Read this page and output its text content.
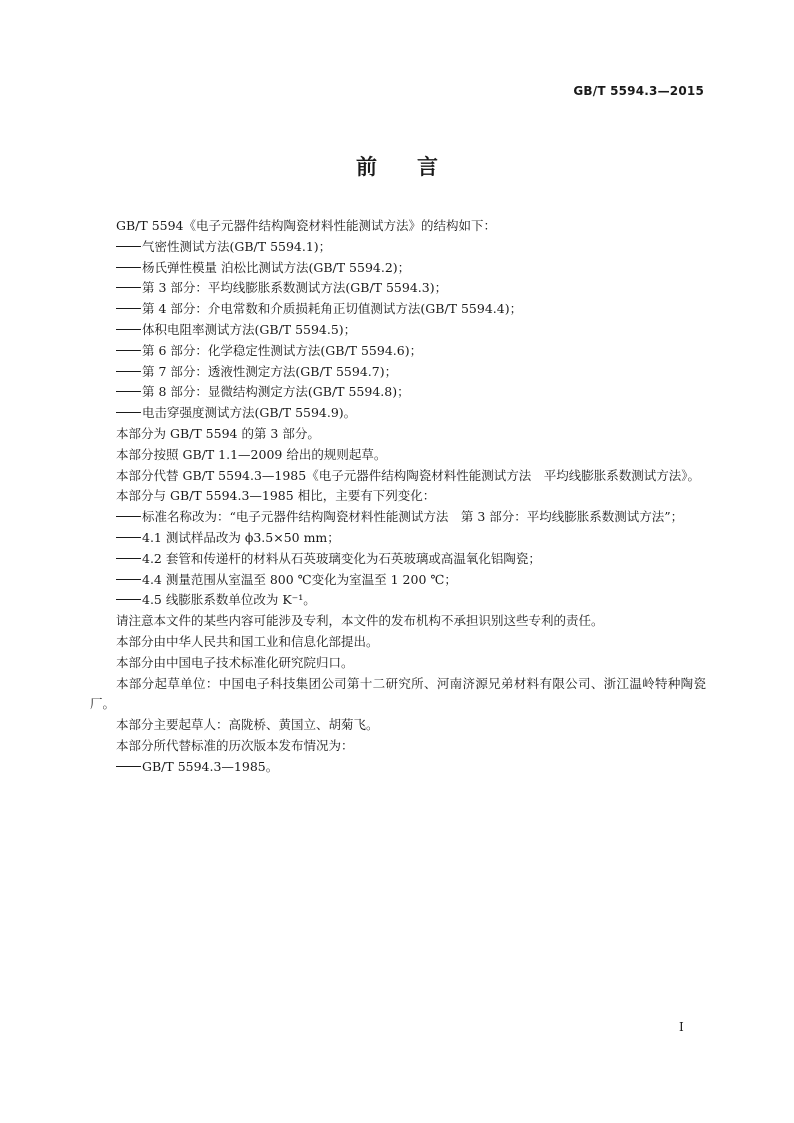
GB/T 5594.3—2015
前言

GB/T 5594《电子元器件结构陶瓷材料性能测试方法》的结构如下：

气密性测试方法(GB/T 5594.1)；

杨氏弹性模量 泊松比测试方法(GB/T 5594.2)；

第 3 部分：平均线膨胀系数测试方法(GB/T 5594.3)；

第 4 部分：介电常数和介质损耗角正切值测试方法(GB/T 5594.4)；

体积电阻率测试方法(GB/T 5594.5)；

第 6 部分：化学稳定性测试方法(GB/T 5594.6)；

第 7 部分：透液性测定方法(GB/T 5594.7)；

第 8 部分：显微结构测定方法(GB/T 5594.8)；

电击穿强度测试方法(GB/T 5594.9)。

本部分为 GB/T 5594 的第 3 部分。

本部分按照 GB/T 1.1—2009 给出的规则起草。

本部分代替 GB/T 5594.3—1985《电子元器件结构陶瓷材料性能测试方法　平均线膨胀系数测试方法》。

本部分与 GB/T 5594.3—1985 相比，主要有下列变化：

标准名称改为：“电子元器件结构陶瓷材料性能测试方法　第 3 部分：平均线膨胀系数测试方法”；

4.1 测试样品改为 ϕ3.5×50 mm；

4.2 套管和传递杆的材料从石英玻璃变化为石英玻璃或高温氧化铝陶瓷；

4.4 测量范围从室温至 800 ℃变化为室温至 1 200 ℃；

4.5 线膨胀系数单位改为 K⁻¹。

请注意本文件的某些内容可能涉及专利，本文件的发布机构不承担识别这些专利的责任。

本部分由中华人民共和国工业和信息化部提出。

本部分由中国电子技术标准化研究院归口。

本部分起草单位：中国电子科技集团公司第十二研究所、河南济源兄弟材料有限公司、浙江温岭特种陶瓷厂。

本部分主要起草人：高陇桥、黄国立、胡菊飞。

本部分所代替标准的历次版本发布情况为：

GB/T 5594.3—1985。

I
